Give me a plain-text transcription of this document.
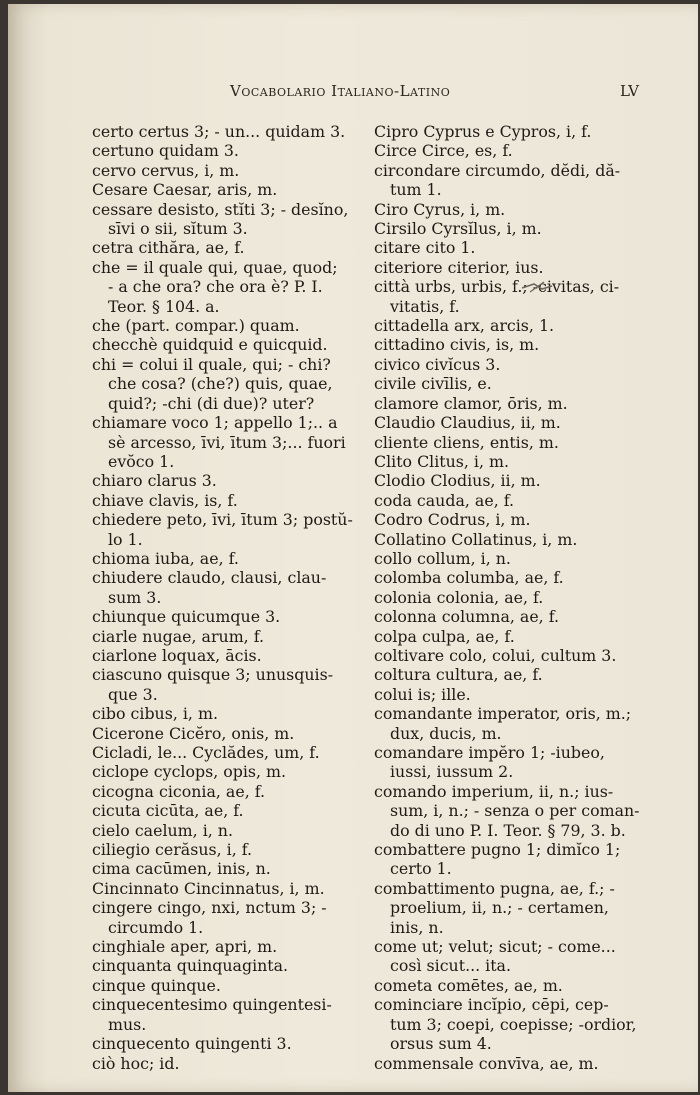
Vocabolario Italiano-Latino	LV
certo certus 3; - un... quidam 3.
certuno quidam 3.
cervo cervus, i, m.
Cesare Caesar, aris, m.
cessare desisto, stĭti 3; - desĭno,
sīvi o sii, sĭtum 3.
cetra cithăra, ae, f.
che = il quale qui, quae, quod;
- a che ora? che ora è? P. I.
Teor. § 104. a.
che (part. compar.) quam.
checchè quidquid e quicquid.
chi = colui il quale, qui; - chi?
che cosa? (che?) quis, quae,
quid?; -chi (di due)? uter?
chiamare voco 1; appello 1;.. a
sè arcesso, īvi, ītum 3;... fuori
evŏco 1.
chiaro clarus 3.
chiave clavis, is, f.
chiedere peto, īvi, ītum 3; postŭ-
lo 1.
chioma iuba, ae, f.
chiudere claudo, clausi, clau-
sum 3.
chiunque quicumque 3.
ciarle nugae, arum, f.
ciarlone loquax, ācis.
ciascuno quisque 3; unusquis-
que 3.
cibo cibus, i, m.
Cicerone Cicĕro, onis, m.
Cicladi, le... Cyclădes, um, f.
ciclope cyclops, opis, m.
cicogna ciconia, ae, f.
cicuta cicūta, ae, f.
cielo caelum, i, n.
ciliegio cerăsus, i, f.
cima cacūmen, inis, n.
Cincinnato Cincinnatus, i, m.
cingere cingo, nxi, nctum 3; -
circumdo 1.
cinghiale aper, apri, m.
cinquanta quinquaginta.
cinque quinque.
cinquecentesimo quingentesi-
mus.
cinquecento quingenti 3.
ciò hoc; id.
Cipro Cyprus e Cypros, i, f.
Circe Circe, es, f.
circondare circumdo, dĕdi, dă-
tum 1.
Ciro Cyrus, i, m.
Cirsilo Cyrsĭlus, i, m.
citare cito 1.
citeriore citerior, ius.
città urbs, urbis, f.; -civitas, ci-
vitatis, f.
cittadella arx, arcis, 1.
cittadino civis, is, m.
civico civĭcus 3.
civile civīlis, e.
clamore clamor, ōris, m.
Claudio Claudius, ii, m.
cliente cliens, entis, m.
Clito Clitus, i, m.
Clodio Clodius, ii, m.
coda cauda, ae, f.
Codro Codrus, i, m.
Collatino Collatinus, i, m.
collo collum, i, n.
colomba columba, ae, f.
colonia colonia, ae, f.
colonna columna, ae, f.
colpa culpa, ae, f.
coltivare colo, colui, cultum 3.
coltura cultura, ae, f.
colui is; ille.
comandante imperator, oris, m.;
dux, ducis, m.
comandare impĕro 1; -iubeo,
iussi, iussum 2.
comando imperium, ii, n.; ius-
sum, i, n.; - senza o per coman-
do di uno P. I. Teor. § 79, 3. b.
combattere pugno 1; dimĭco 1;
certo 1.
combattimento pugna, ae, f.; -
proelium, ii, n.; - certamen,
inis, n.
come ut; velut; sicut; - come...
così sicut... ita.
cometa comētes, ae, m.
cominciare incĭpio, cēpi, cep-
tum 3; coepi, coepisse; -ordior,
orsus sum 4.
commensale convīva, ae, m.
